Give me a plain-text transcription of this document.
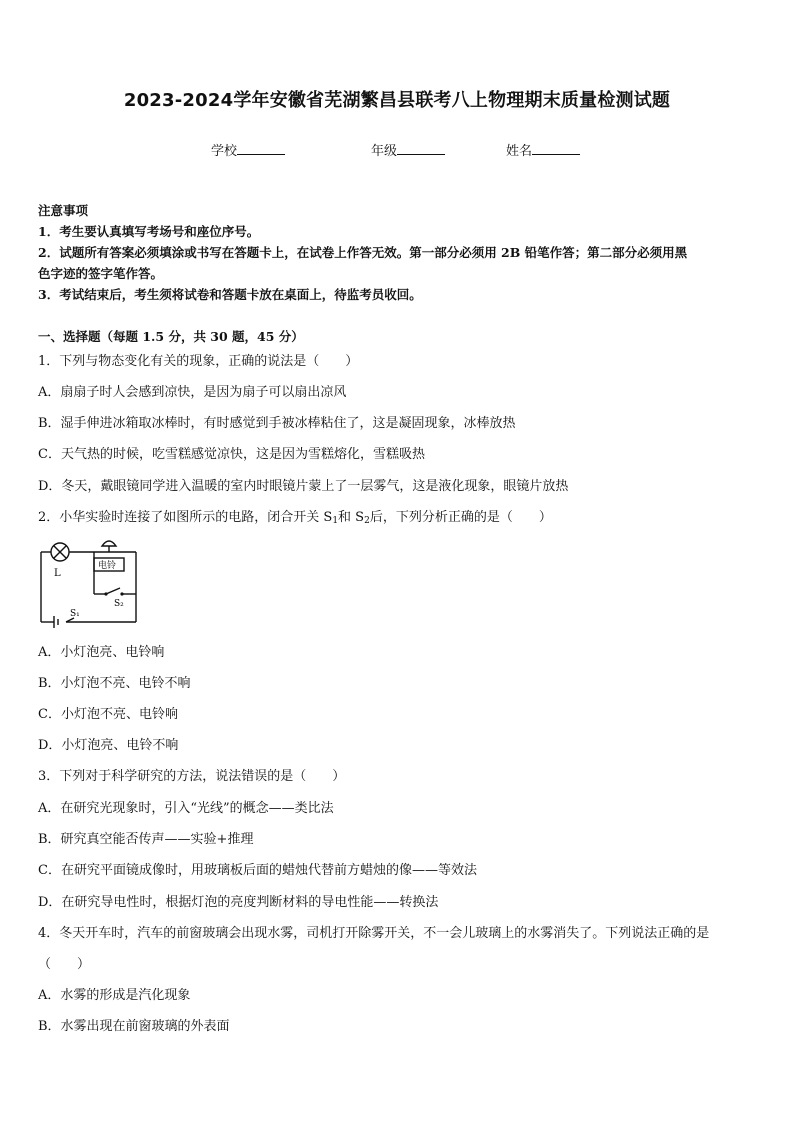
2023-2024学年安徽省芜湖繁昌县联考八上物理期末质量检测试题
学校	年级	姓名
注意事项
1．考生要认真填写考场号和座位序号。
2．试题所有答案必须填涂或书写在答题卡上，在试卷上作答无效。第一部分必须用 2B 铅笔作答；第二部分必须用黑
色字迹的签字笔作答。
3．考试结束后，考生须将试卷和答题卡放在桌面上，待监考员收回。
一、选择题（每题 1.5 分，共 30 题，45 分）
1．下列与物态变化有关的现象，正确的说法是（　　）
A．扇扇子时人会感到凉快，是因为扇子可以扇出凉风
B．湿手伸进冰箱取冰棒时，有时感觉到手被冰棒粘住了，这是凝固现象，冰棒放热
C．天气热的时候，吃雪糕感觉凉快，这是因为雪糕熔化，雪糕吸热
D．冬天，戴眼镜同学进入温暖的室内时眼镜片蒙上了一层雾气，这是液化现象，眼镜片放热
2．小华实验时连接了如图所示的电路，闭合开关 $S_1$和 $S_2$后，下列分析正确的是（　　）
电铃
L
S₂
S₁
A．小灯泡亮、电铃响
B．小灯泡不亮、电铃不响
C．小灯泡不亮、电铃响
D．小灯泡亮、电铃不响
3．下列对于科学研究的方法，说法错误的是（　　）
A．在研究光现象时，引入“光线”的概念——类比法
B．研究真空能否传声——实验+推理
C．在研究平面镜成像时，用玻璃板后面的蜡烛代替前方蜡烛的像——等效法
D．在研究导电性时，根据灯泡的亮度判断材料的导电性能——转换法
4．冬天开车时，汽车的前窗玻璃会出现水雾，司机打开除雾开关，不一会儿玻璃上的水雾消失了。下列说法正确的是
（　　）
A．水雾的形成是汽化现象
B．水雾出现在前窗玻璃的外表面
